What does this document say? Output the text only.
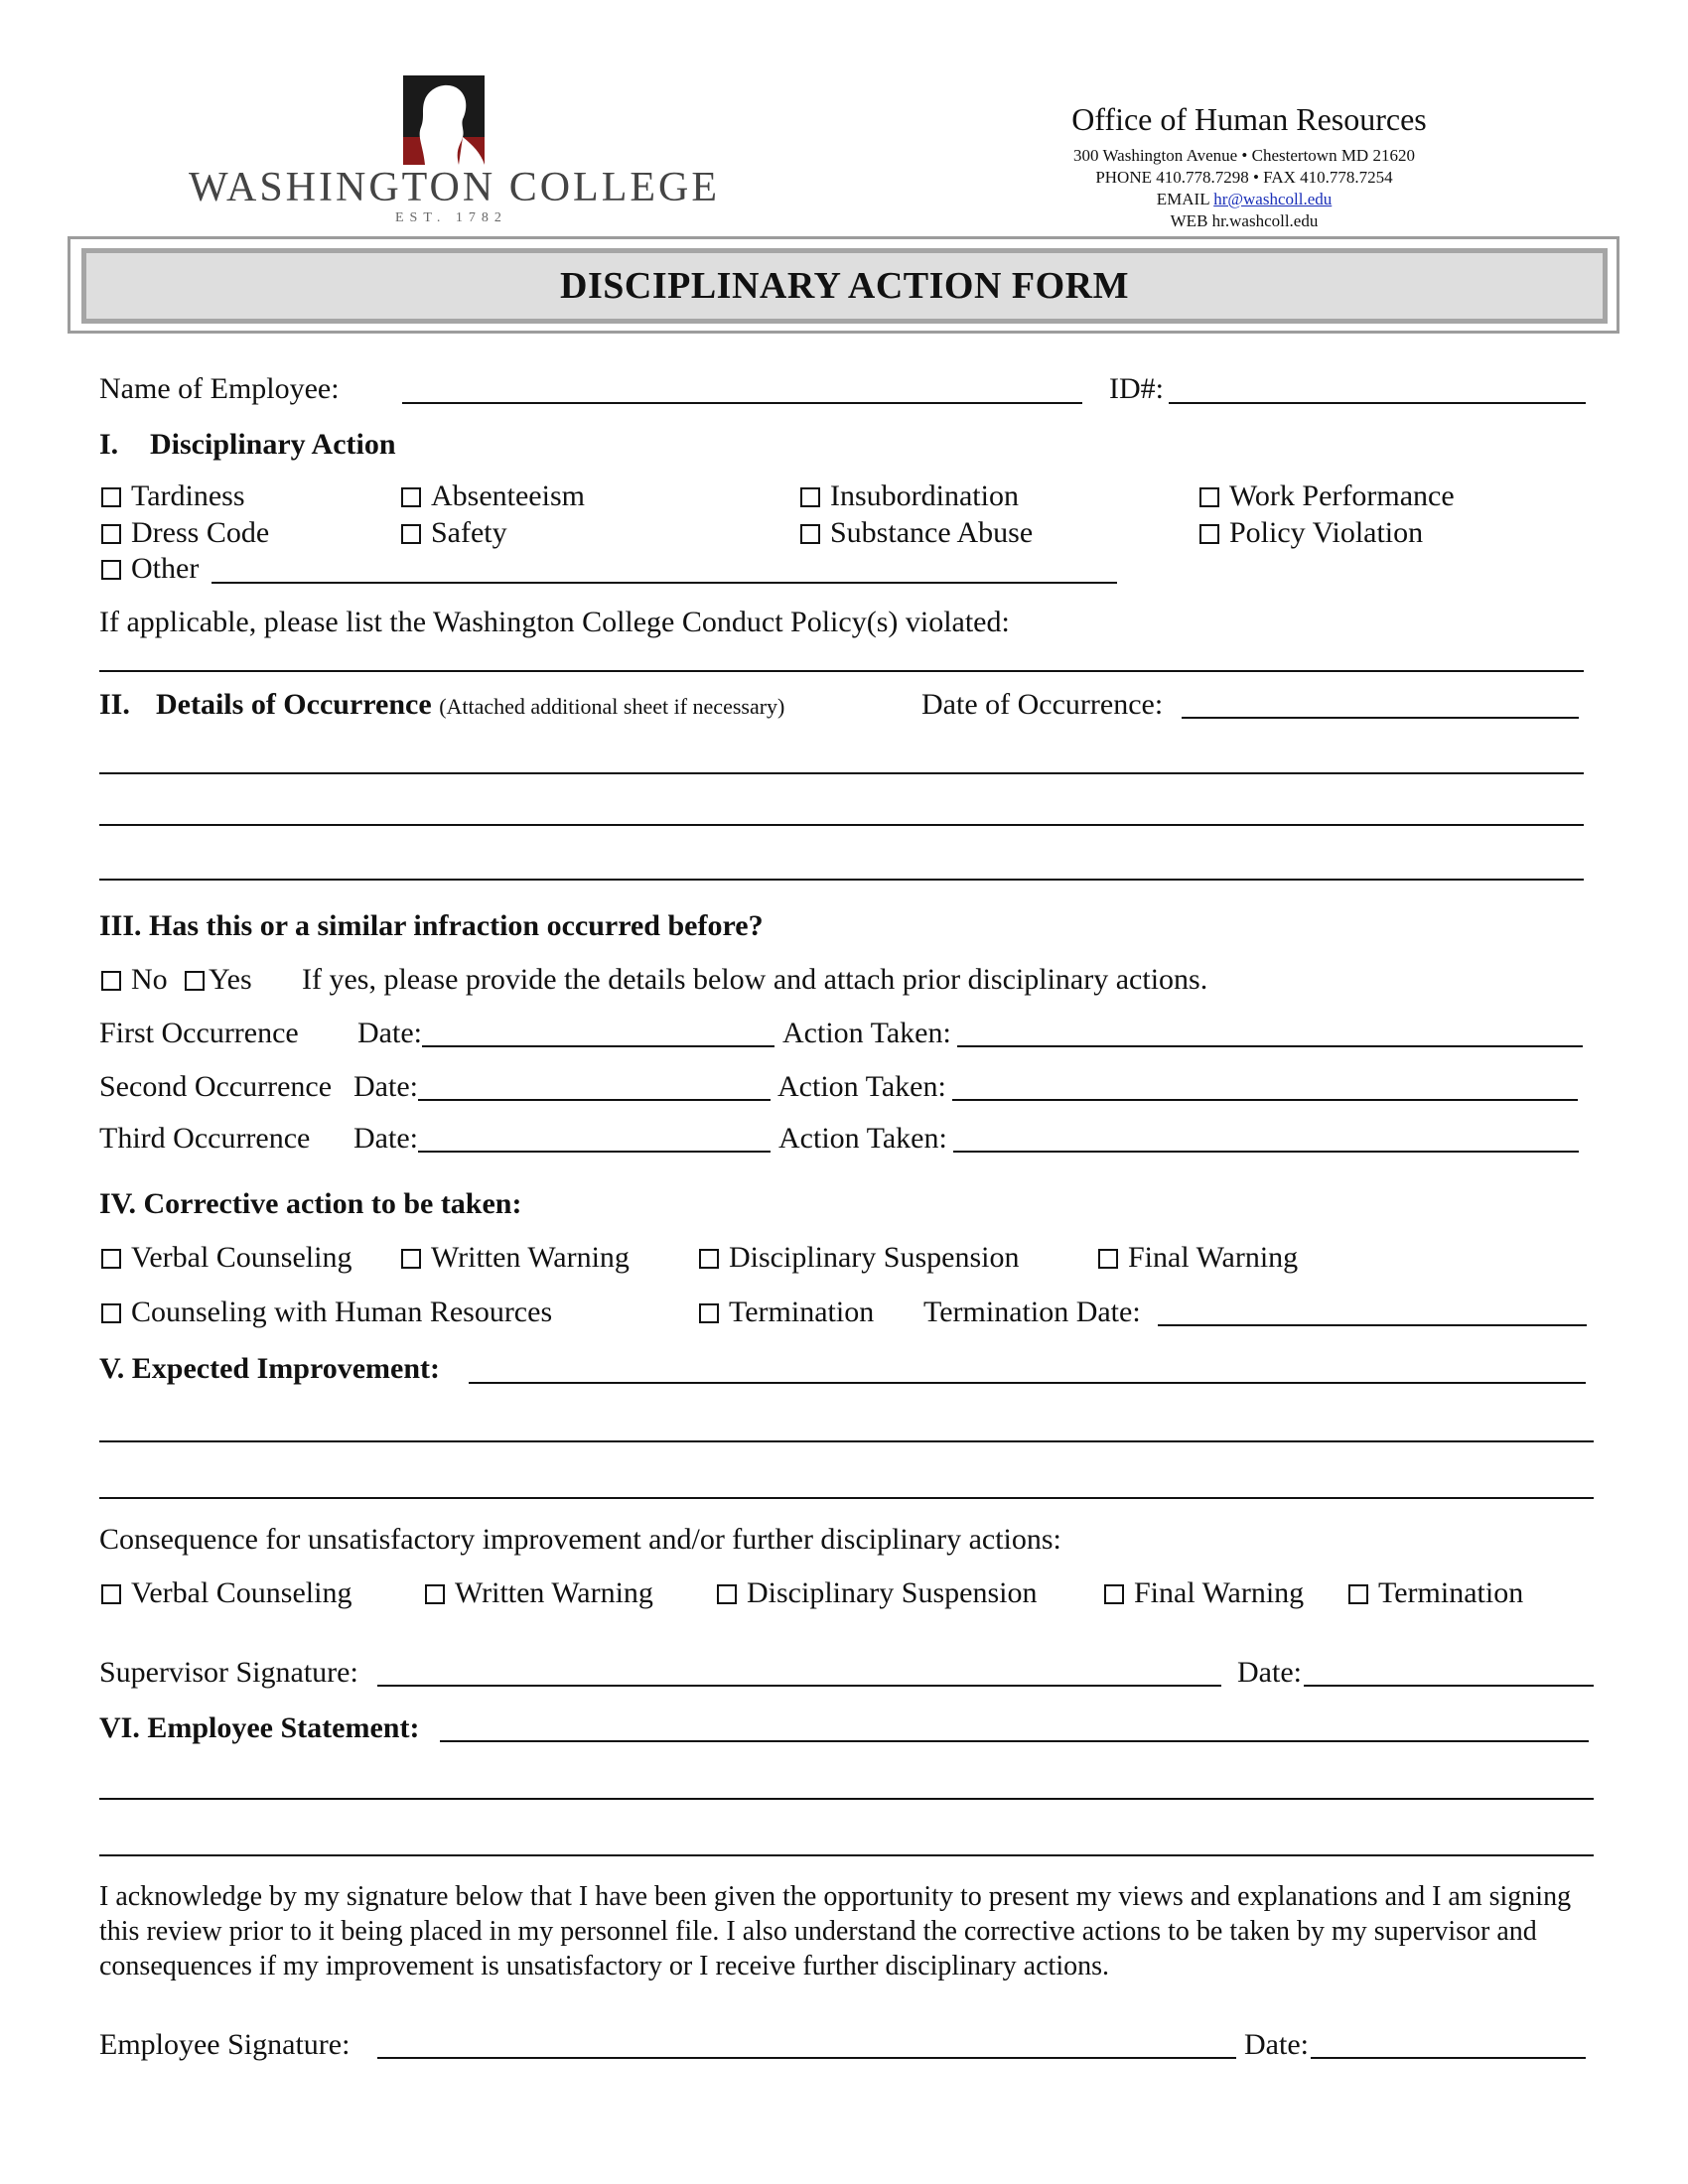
WASHINGTON COLLEGE
EST. 1782
Office of Human Resources
300 Washington Avenue • Chestertown MD 21620
PHONE 410.778.7298 • FAX 410.778.7254
EMAIL hr@washcoll.edu
WEB hr.washcoll.edu
DISCIPLINARY ACTION FORM
Name of Employee:	ID#:
I. Disciplinary Action
Tardiness	Absenteeism	Insubordination	Work Performance
Dress Code	Safety	Substance Abuse	Policy Violation
Other
If applicable, please list the Washington College Conduct Policy(s) violated:
II. Details of Occurrence (Attached additional sheet if necessary)	Date of Occurrence:
III. Has this or a similar infraction occurred before?
No	Yes If yes, please provide the details below and attach prior disciplinary actions.
First Occurrence Date:	Action Taken:
Second Occurrence Date:	Action Taken:
Third Occurrence Date:	Action Taken:
IV. Corrective action to be taken:
Verbal Counseling	Written Warning	Disciplinary Suspension	Final Warning
Counseling with Human Resources	Termination Termination Date:
V. Expected Improvement:
Consequence for unsatisfactory improvement and/or further disciplinary actions:
Verbal Counseling	Written Warning	Disciplinary Suspension	Final Warning	Termination
Supervisor Signature:	Date:
VI. Employee Statement:
I acknowledge by my signature below that I have been given the opportunity to present my views and explanations and I am signing this review prior to it being placed in my personnel file. I also understand the corrective actions to be taken by my supervisor and consequences if my improvement is unsatisfactory or I receive further disciplinary actions.
Employee Signature:	Date:
